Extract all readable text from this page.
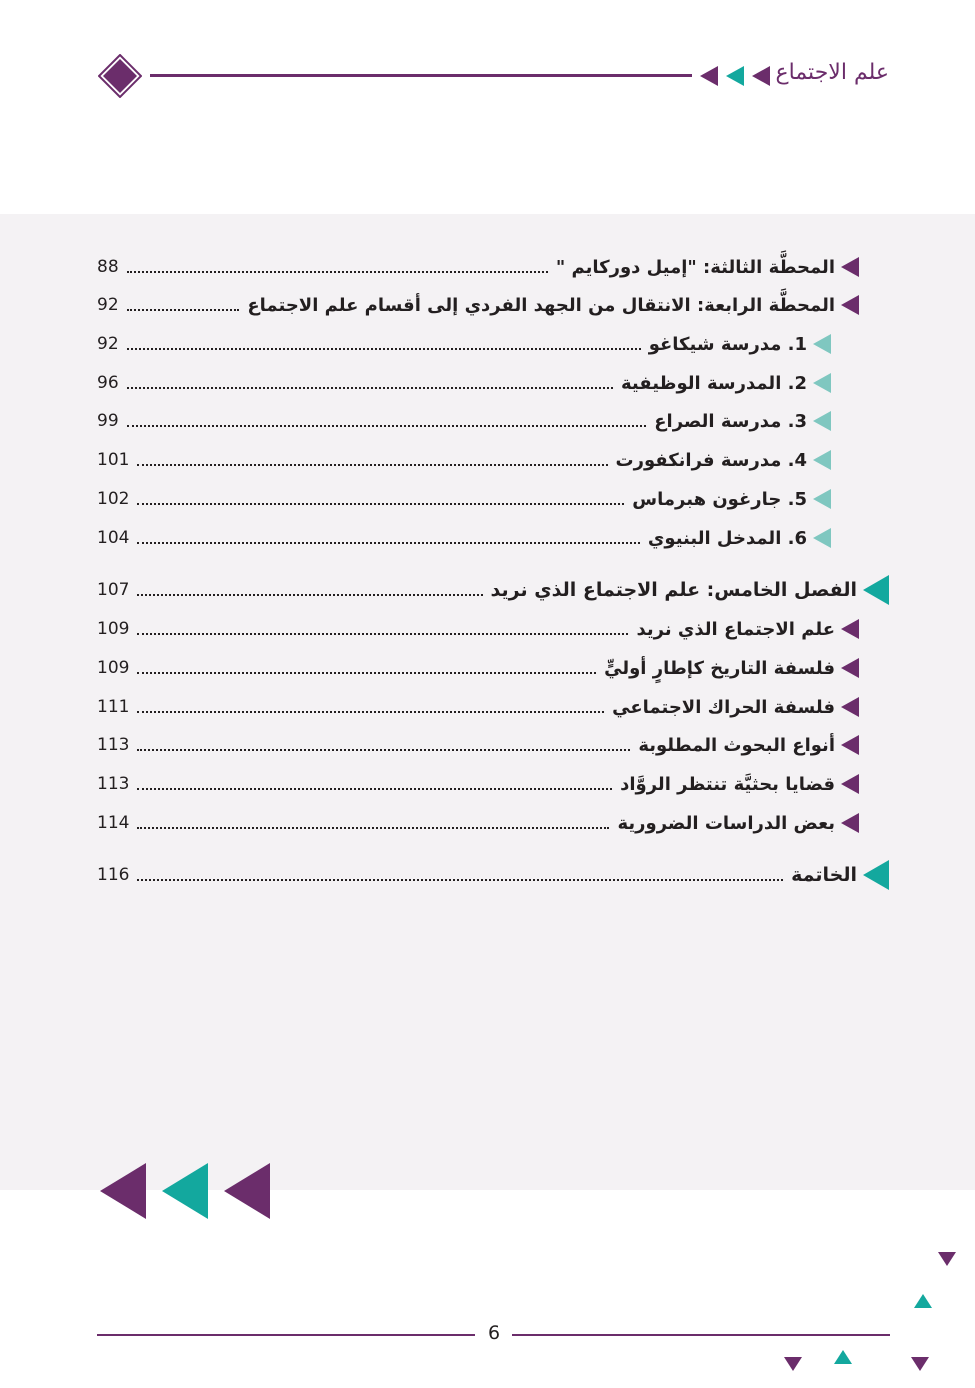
علم الاجتماع
88	المحطَّة الثالثة: "إميل دوركايم "
92	المحطَّة الرابعة: الانتقال من الجهد الفردي إلى أقسام علم الاجتماع
92	1. مدرسة شيكاغو
96	2. المدرسة الوظيفية
99	3. مدرسة الصراع
101	4. مدرسة فرانكفورت
102	5. جارغون هبرماس
104	6. المدخل البنيوي
107	الفصل الخامس: علم الاجتماع الذي نريد
109	علم الاجتماع الذي نريد
109	فلسفة التاريخ كإطارٍ أوليٍّ
111	فلسفة الحراك الاجتماعي
113	أنواع البحوث المطلوبة
113	قضايا بحثيَّة تنتظر الروَّاد
114	بعض الدراسات الضرورية
116	الخاتمة
6
